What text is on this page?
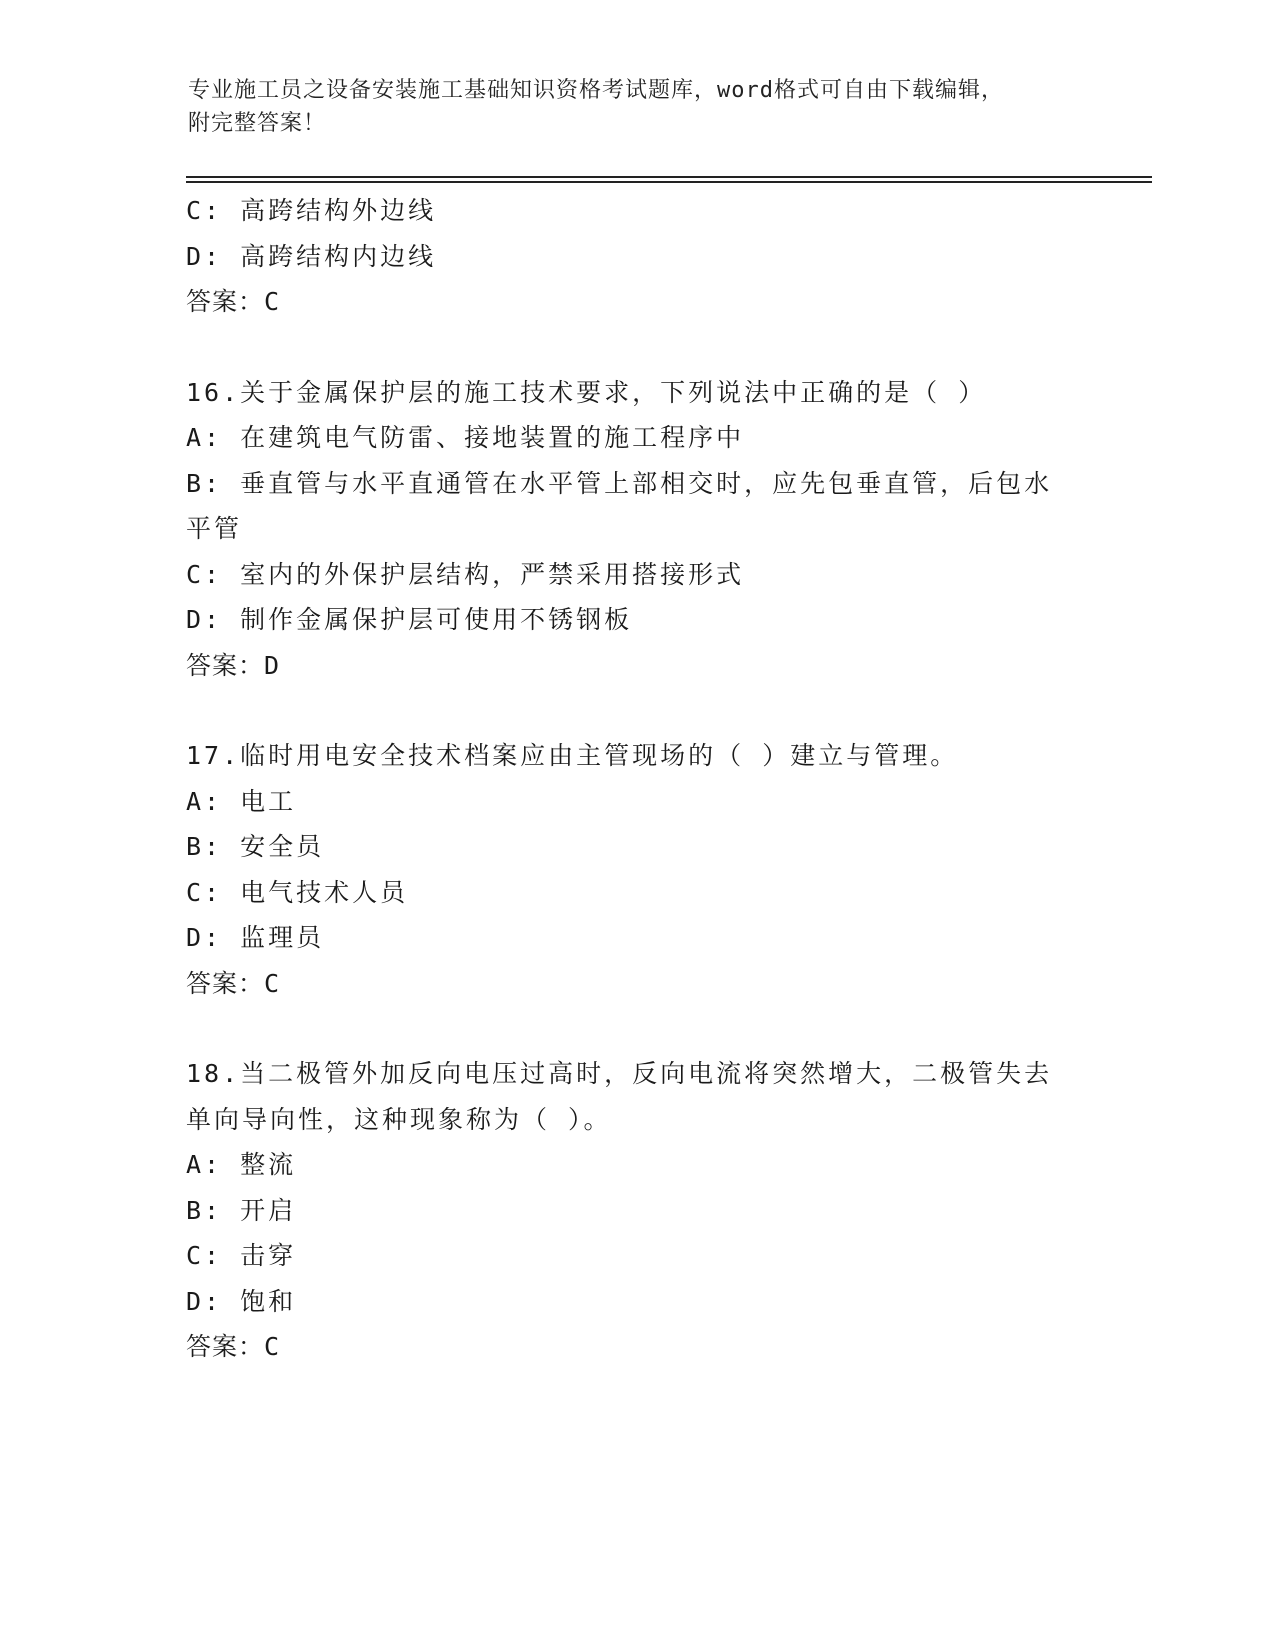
专业施工员之设备安装施工基础知识资格考试题库，word格式可自由下载编辑，
附完整答案！
C: 高跨结构外边线
D: 高跨结构内边线
答案：C
16.关于金属保护层的施工技术要求，下列说法中正确的是（ ）
A: 在建筑电气防雷、接地装置的施工程序中
B: 垂直管与水平直通管在水平管上部相交时，应先包垂直管，后包水
平管
C: 室内的外保护层结构，严禁采用搭接形式
D: 制作金属保护层可使用不锈钢板
答案：D
17.临时用电安全技术档案应由主管现场的（ ）建立与管理。
A: 电工
B: 安全员
C: 电气技术人员
D: 监理员
答案：C
18.当二极管外加反向电压过高时，反向电流将突然增大，二极管失去
单向导向性，这种现象称为（ ）。
A: 整流
B: 开启
C: 击穿
D: 饱和
答案：C
